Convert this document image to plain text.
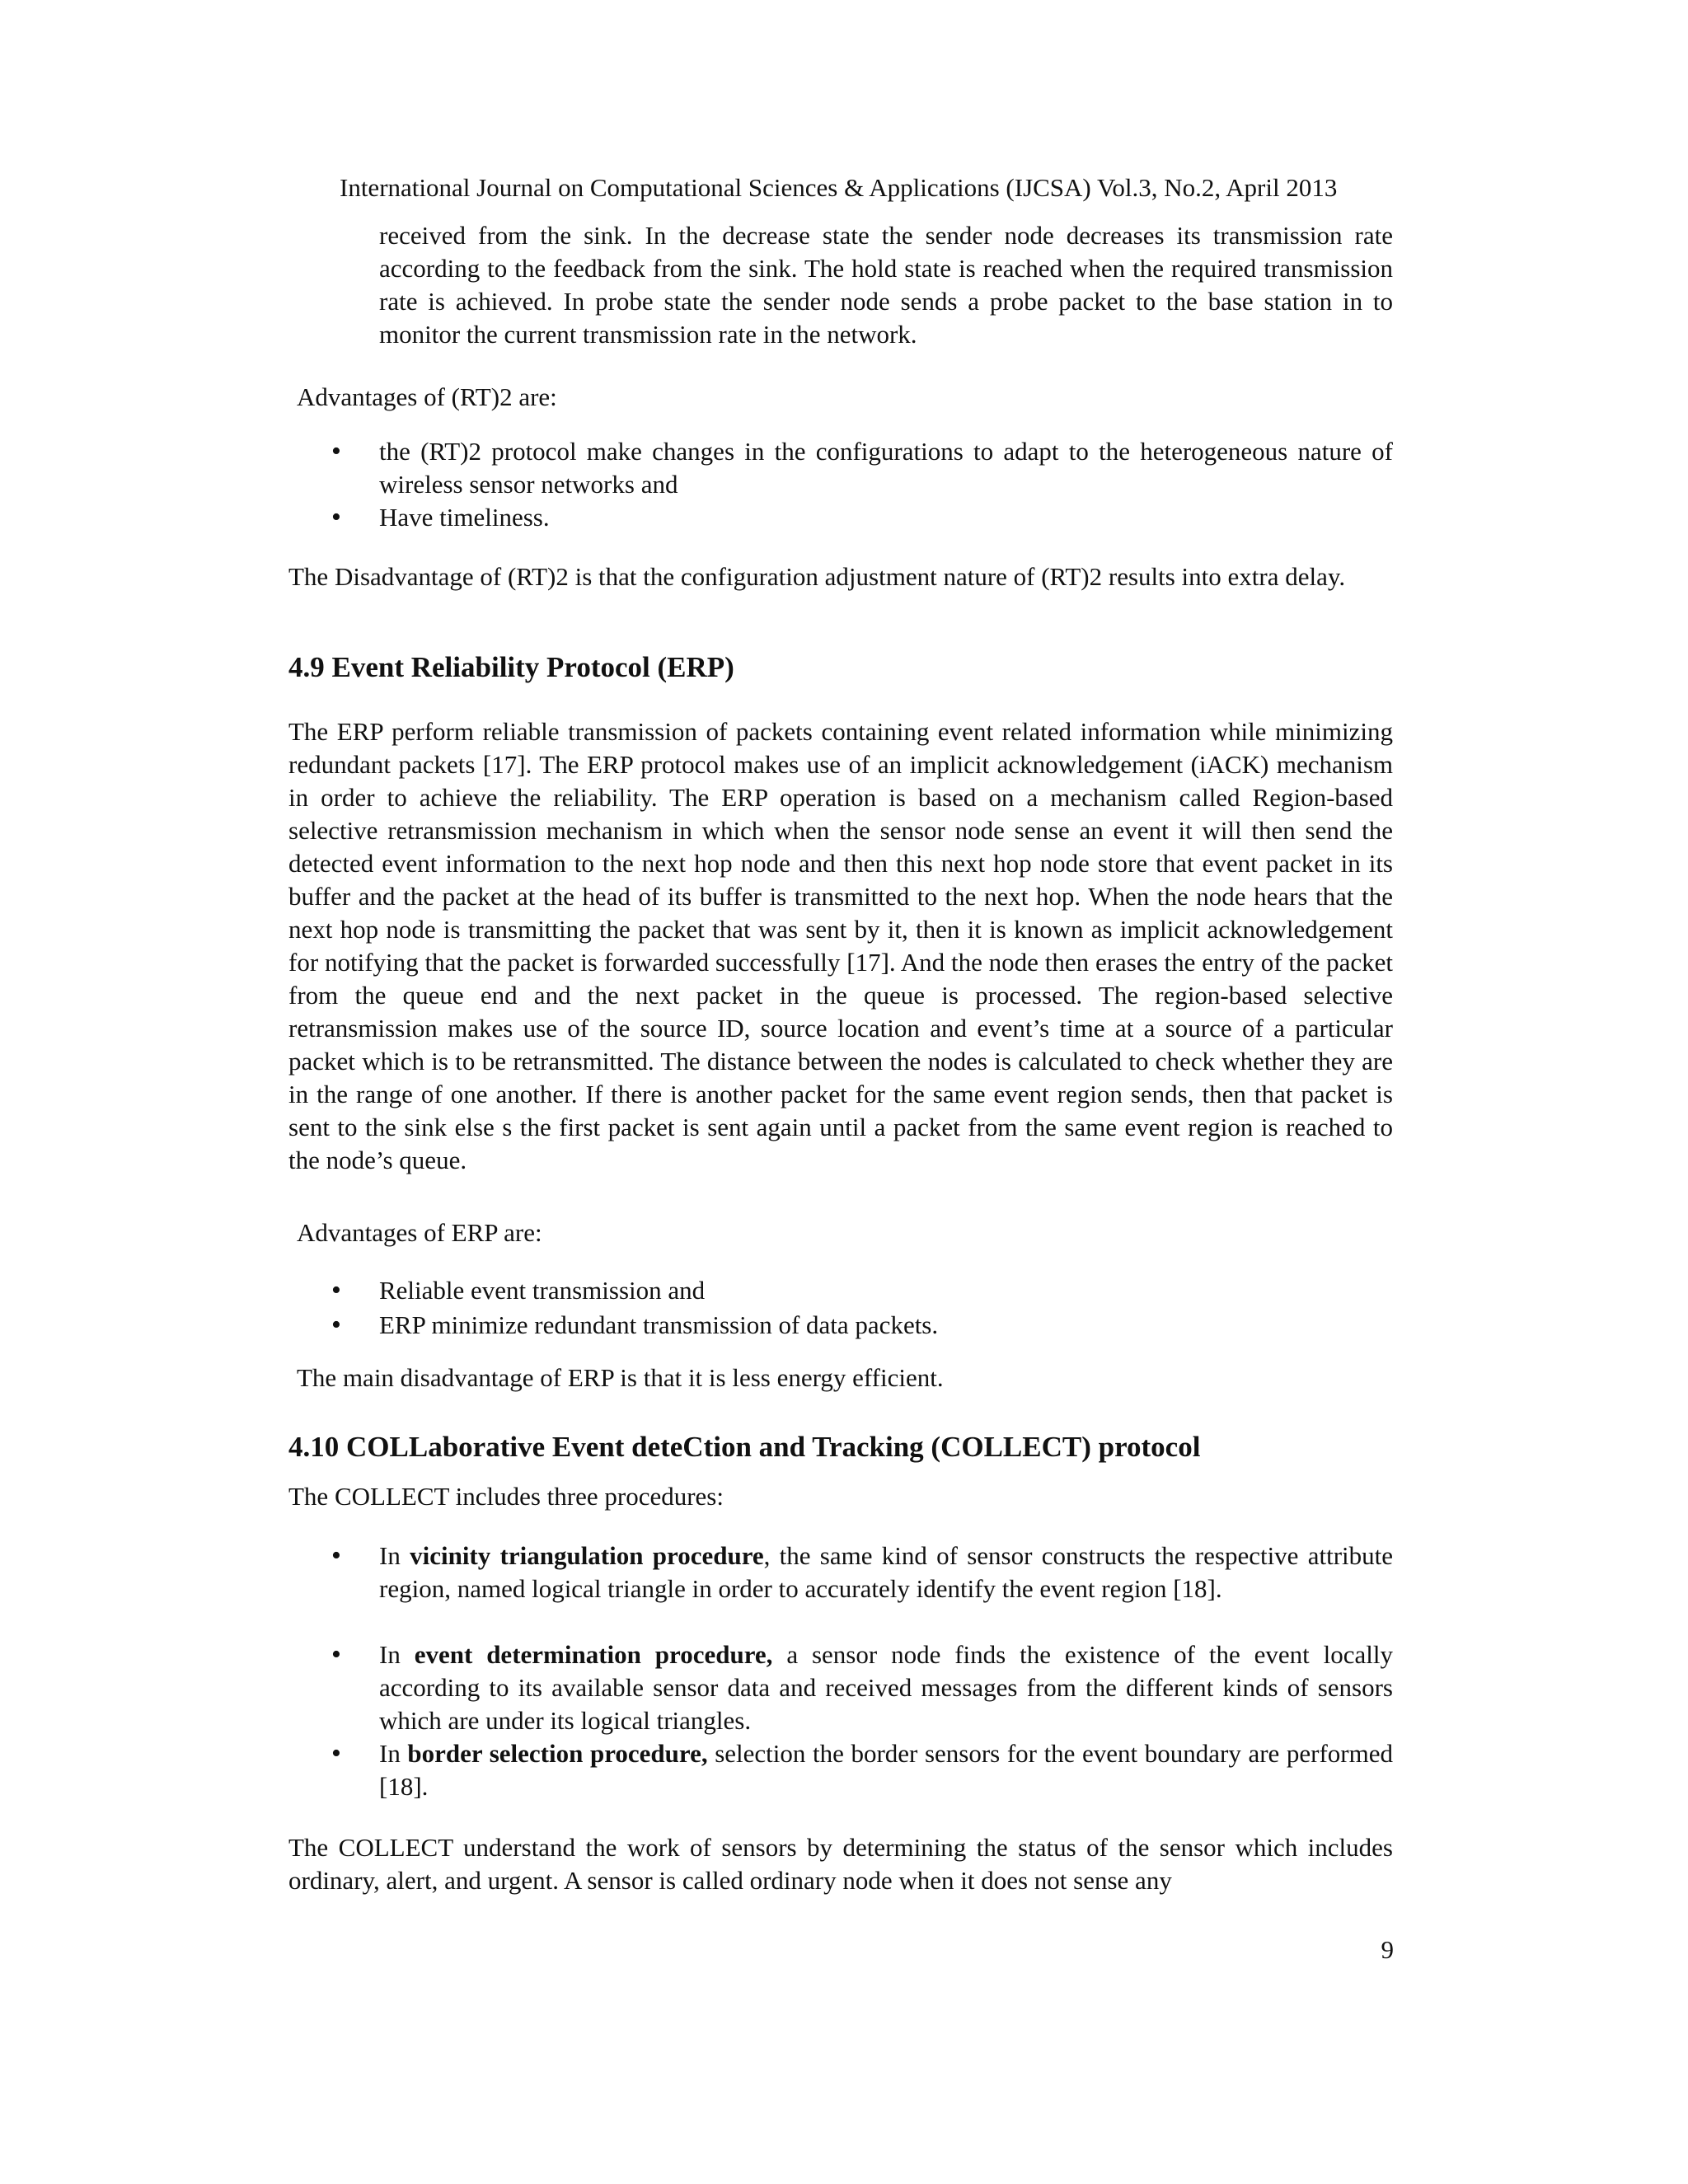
International Journal on Computational Sciences & Applications (IJCSA) Vol.3, No.2, April 2013
received from the sink. In the decrease state the sender node decreases its transmission rate according to the feedback from the sink. The hold state is reached when the required transmission rate is achieved. In probe state the sender node sends a probe packet to the base station in to monitor the current transmission rate in the network.
Advantages of (RT)2 are:
•	the (RT)2 protocol make changes in the configurations to adapt to the heterogeneous nature of wireless sensor networks and
•	Have timeliness.
The Disadvantage of (RT)2 is that the configuration adjustment nature of (RT)2 results into extra delay.
4.9 Event Reliability Protocol (ERP)
The ERP perform reliable transmission of packets containing event related information while minimizing redundant packets [17]. The ERP protocol makes use of an implicit acknowledgement (iACK) mechanism in order to achieve the reliability. The ERP operation is based on a mechanism called Region-based selective retransmission mechanism in which when the sensor node sense an event it will then send the detected event information to the next hop node and then this next hop node store that event packet in its buffer and the packet at the head of its buffer is transmitted to the next hop. When the node hears that the next hop node is transmitting the packet that was sent by it, then it is known as implicit acknowledgement for notifying that the packet is forwarded successfully [17]. And the node then erases the entry of the packet from the queue end and the next packet in the queue is processed. The region-based selective retransmission makes use of the source ID, source location and event’s time at a source of a particular packet which is to be retransmitted. The distance between the nodes is calculated to check whether they are in the range of one another. If there is another packet for the same event region sends, then that packet is sent to the sink else s the first packet is sent again until a packet from the same event region is reached to the node’s queue.
Advantages of ERP are:
•	Reliable event transmission and
•	ERP minimize redundant transmission of data packets.
The main disadvantage of ERP is that it is less energy efficient.
4.10 COLLaborative Event deteCtion and Tracking (COLLECT) protocol
The COLLECT includes three procedures:
•	In vicinity triangulation procedure, the same kind of sensor constructs the respective attribute region, named logical triangle in order to accurately identify the event region [18].
•	In event determination procedure, a sensor node finds the existence of the event locally according to its available sensor data and received messages from the different kinds of sensors which are under its logical triangles.
•	In border selection procedure, selection the border sensors for the event boundary are performed [18].
The COLLECT understand the work of sensors by determining the status of the sensor which includes ordinary, alert, and urgent. A sensor is called ordinary node when it does not sense any
9
